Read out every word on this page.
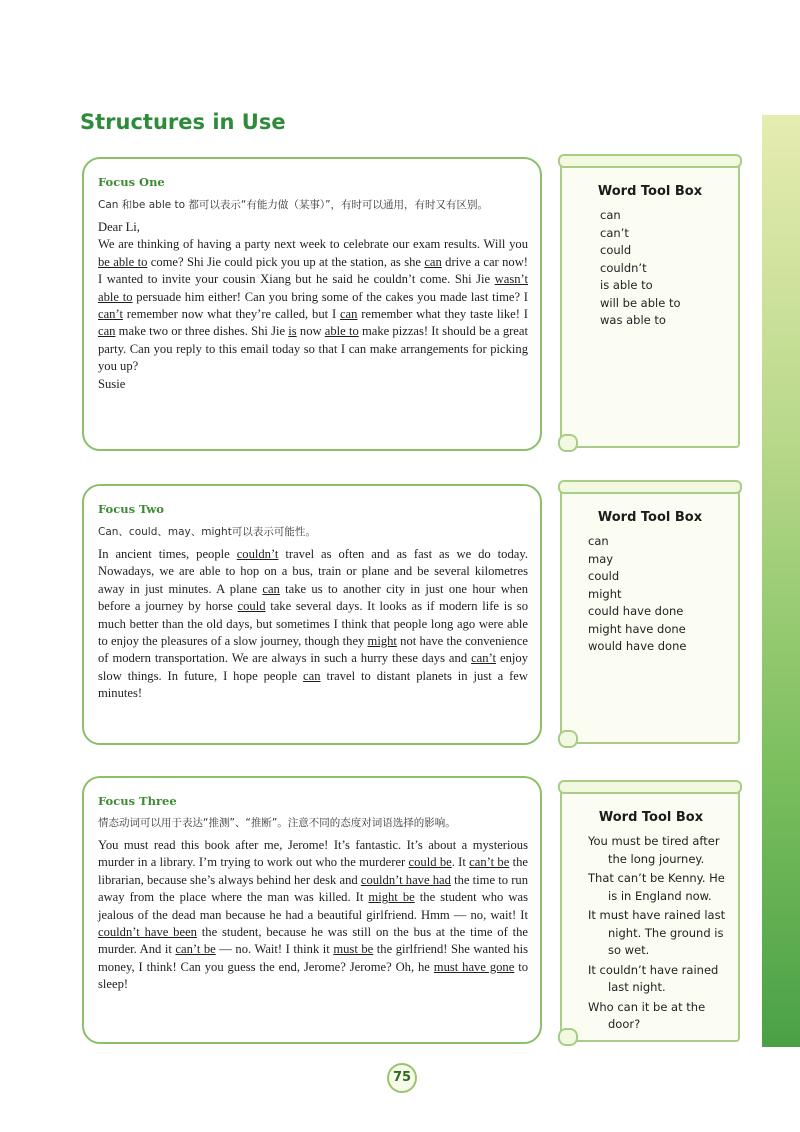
Structures in Use
Focus One
Can 和be able to 都可以表示“有能力做（某事）”，有时可以通用，有时又有区别。

Dear Li,

We are thinking of having a party next week to celebrate our exam results. Will you be able to come? Shi Jie could pick you up at the station, as she can drive a car now! I wanted to invite your cousin Xiang but he said he couldn’t come. Shi Jie wasn’t able to persuade him either! Can you bring some of the cakes you made last time? I can’t remember now what they’re called, but I can remember what they taste like! I can make two or three dishes. Shi Jie is now able to make pizzas! It should be a great party. Can you reply to this email today so that I can make arrangements for picking you up?

Susie

Word Tool Box
can
can’t
could
couldn’t
is able to
will be able to
was able to
Focus Two
Can、could、may、might可以表示可能性。

In ancient times, people couldn’t travel as often and as fast as we do today. Nowadays, we are able to hop on a bus, train or plane and be several kilometres away in just minutes. A plane can take us to another city in just one hour when before a journey by horse could take several days. It looks as if modern life is so much better than the old days, but sometimes I think that people long ago were able to enjoy the pleasures of a slow journey, though they might not have the convenience of modern transportation. We are always in such a hurry these days and can’t enjoy slow things. In future, I hope people can travel to distant planets in just a few minutes!

Word Tool Box
can
may
could
might
could have done
might have done
would have done
Focus Three
情态动词可以用于表达“推测”、“推断”。注意不同的态度对词语选择的影响。

You must read this book after me, Jerome! It’s fantastic. It’s about a mysterious murder in a library. I’m trying to work out who the murderer could be. It can’t be the librarian, because she’s always behind her desk and couldn’t have had the time to run away from the place where the man was killed. It might be the student who was jealous of the dead man because he had a beautiful girlfriend. Hmm — no, wait! It couldn’t have been the student, because he was still on the bus at the time of the murder. And it can’t be — no. Wait! I think it must be the girlfriend! She wanted his money, I think! Can you guess the end, Jerome? Jerome? Oh, he must have gone to sleep!

Word Tool Box
You must be tired after the long journey.
That can’t be Kenny. He is in England now.
It must have rained last night. The ground is so wet.
It couldn’t have rained last night.
Who can it be at the door?
75
